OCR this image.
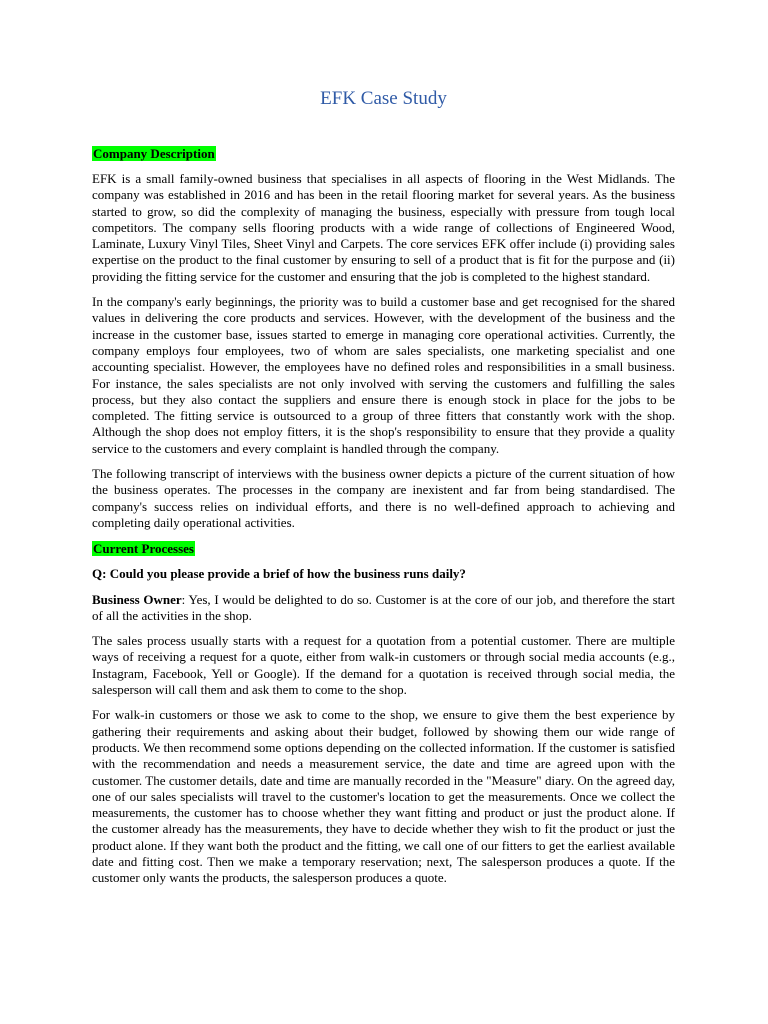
EFK Case Study
Company Description

EFK is a small family-owned business that specialises in all aspects of flooring in the West Midlands. The company was established in 2016 and has been in the retail flooring market for several years. As the business started to grow, so did the complexity of managing the business, especially with pressure from tough local competitors. The company sells flooring products with a wide range of collections of Engineered Wood, Laminate, Luxury Vinyl Tiles, Sheet Vinyl and Carpets. The core services EFK offer include (i) providing sales expertise on the product to the final customer by ensuring to sell of a product that is fit for the purpose and (ii) providing the fitting service for the customer and ensuring that the job is completed to the highest standard.

In the company's early beginnings, the priority was to build a customer base and get recognised for the shared values in delivering the core products and services. However, with the development of the business and the increase in the customer base, issues started to emerge in managing core operational activities. Currently, the company employs four employees, two of whom are sales specialists, one marketing specialist and one accounting specialist. However, the employees have no defined roles and responsibilities in a small business. For instance, the sales specialists are not only involved with serving the customers and fulfilling the sales process, but they also contact the suppliers and ensure there is enough stock in place for the jobs to be completed. The fitting service is outsourced to a group of three fitters that constantly work with the shop. Although the shop does not employ fitters, it is the shop's responsibility to ensure that they provide a quality service to the customers and every complaint is handled through the company.

The following transcript of interviews with the business owner depicts a picture of the current situation of how the business operates. The processes in the company are inexistent and far from being standardised. The company's success relies on individual efforts, and there is no well-defined approach to achieving and completing daily operational activities.

Current Processes

Q: Could you please provide a brief of how the business runs daily?

Business Owner: Yes, I would be delighted to do so. Customer is at the core of our job, and therefore the start of all the activities in the shop.

The sales process usually starts with a request for a quotation from a potential customer. There are multiple ways of receiving a request for a quote, either from walk-in customers or through social media accounts (e.g., Instagram, Facebook, Yell or Google). If the demand for a quotation is received through social media, the salesperson will call them and ask them to come to the shop.

For walk-in customers or those we ask to come to the shop, we ensure to give them the best experience by gathering their requirements and asking about their budget, followed by showing them our wide range of products. We then recommend some options depending on the collected information. If the customer is satisfied with the recommendation and needs a measurement service, the date and time are agreed upon with the customer. The customer details, date and time are manually recorded in the "Measure" diary. On the agreed day, one of our sales specialists will travel to the customer's location to get the measurements. Once we collect the measurements, the customer has to choose whether they want fitting and product or just the product alone. If the customer already has the measurements, they have to decide whether they wish to fit the product or just the product alone. If they want both the product and the fitting, we call one of our fitters to get the earliest available date and fitting cost. Then we make a temporary reservation; next, The salesperson produces a quote. If the customer only wants the products, the salesperson produces a quote.
